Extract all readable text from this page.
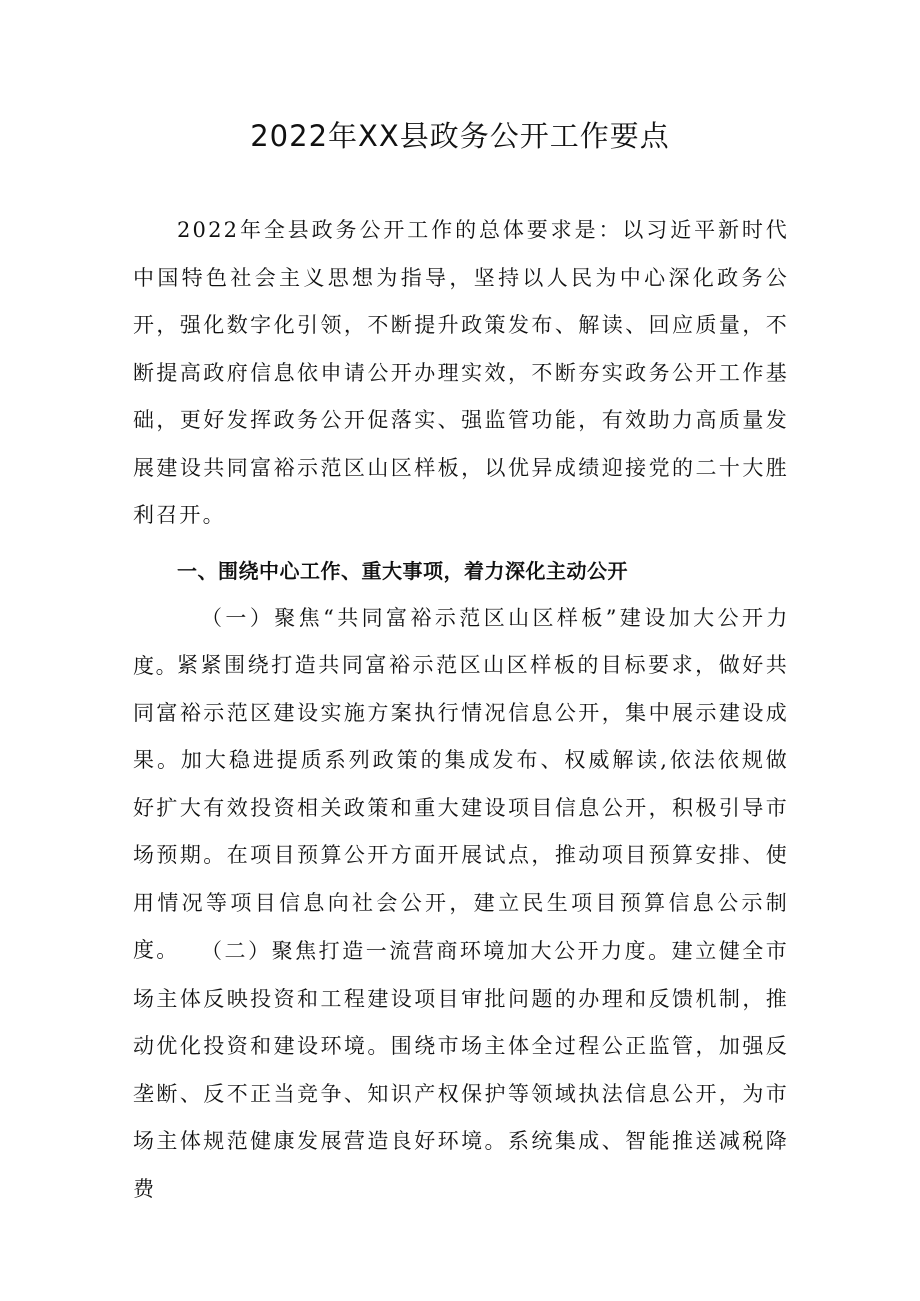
2022年XX县政务公开工作要点

2022年全县政务公开工作的总体要求是：以习近平新时代中国特色社会主义思想为指导，坚持以人民为中心深化政务公开，强化数字化引领，不断提升政策发布、解读、回应质量，不断提高政府信息依申请公开办理实效，不断夯实政务公开工作基础，更好发挥政务公开促落实、强监管功能，有效助力高质量发展建设共同富裕示范区山区样板，以优异成绩迎接党的二十大胜利召开。

一、围绕中心工作、重大事项，着力深化主动公开

（一）聚焦“共同富裕示范区山区样板”建设加大公开力度。

紧紧围绕打造共同富裕示范区山区样板的目标要求，做好共同富裕示范区建设实施方案执行情况信息公开，集中展示建设成果。加大稳进提质系列政策的集成发布、权威解读,依法依规做好扩大有效投资相关政策和重大建设项目信息公开，积极引导市场预期。在项目预算公开方面开展试点，推动项目预算安排、使用情况等项目信息向社会公开，建立民生项目预算信息公示制度。	（二）聚焦打造一流营商环境加大公开力度。建立健全市场主体反映投资和工程建设项目审批问题的办理和反馈机制，推动优化投资和建设环境。围绕市场主体全过程公正监管，加强反垄断、反不正当竞争、知识产权保护等领域执法信息公开，为市场主体规范健康发展营造良好环境。系统集成、智能推送减税降费
